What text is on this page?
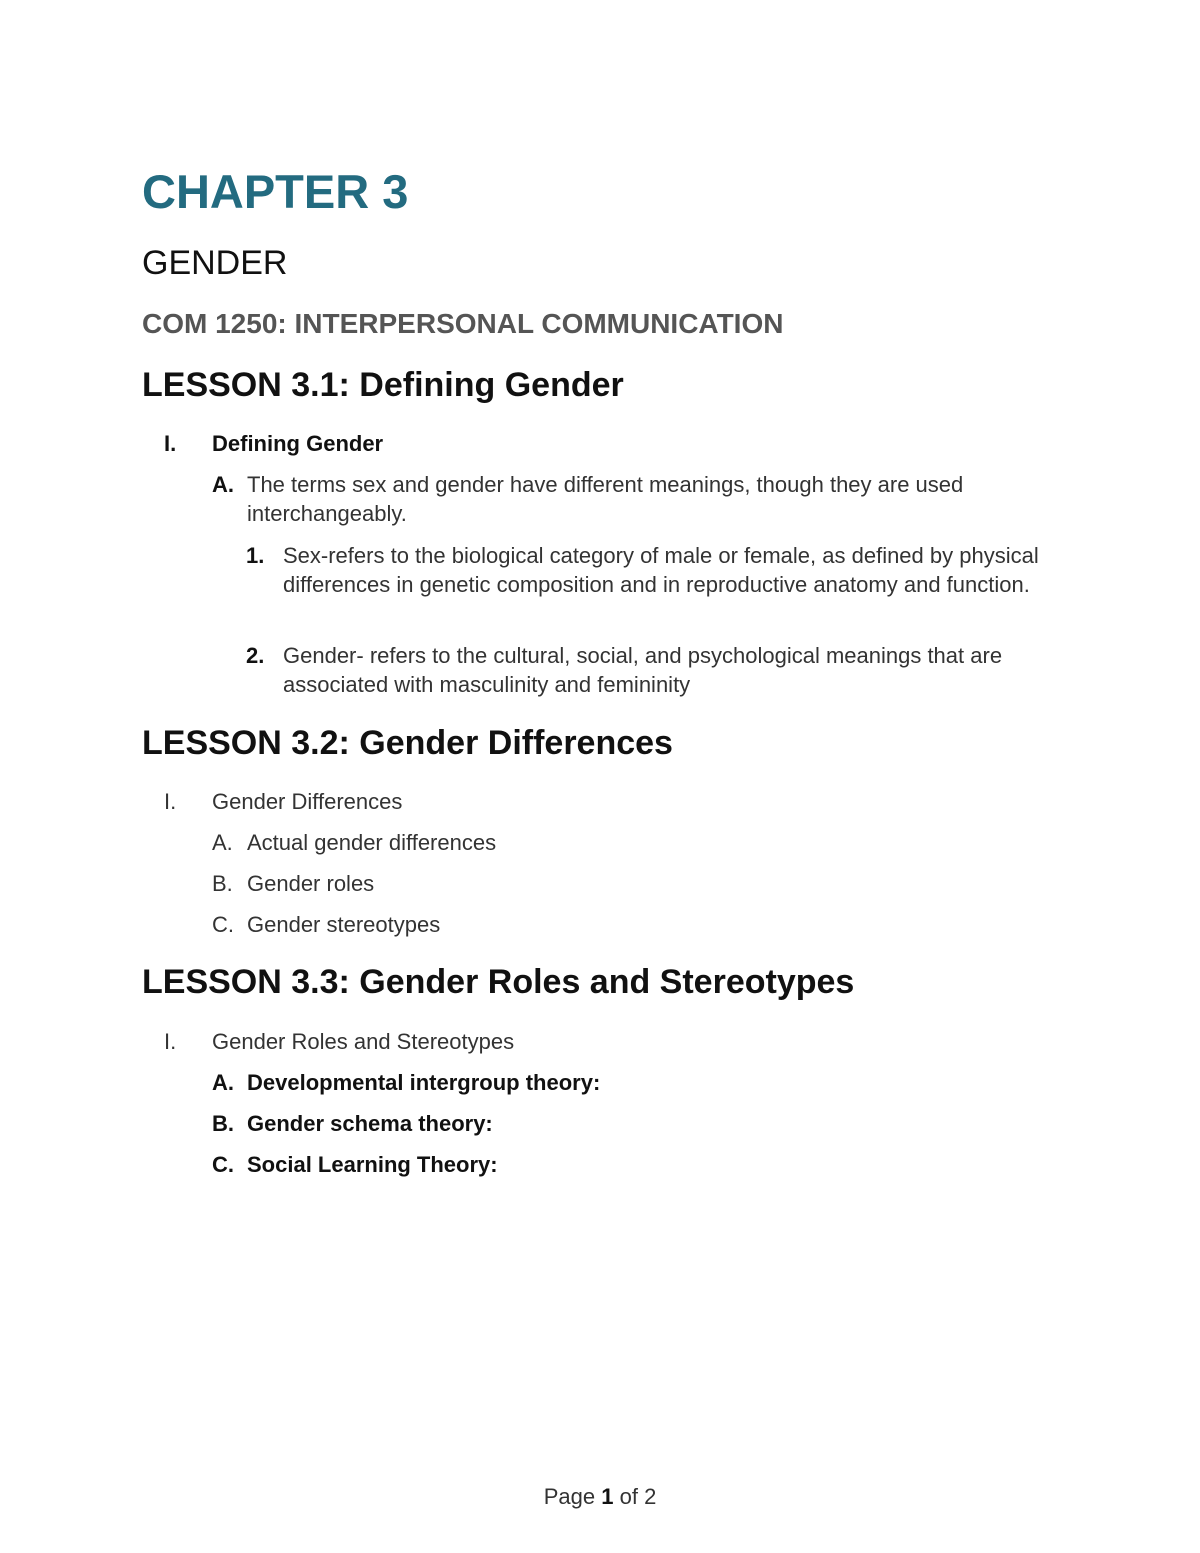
CHAPTER 3
GENDER
COM 1250: INTERPERSONAL COMMUNICATION
LESSON 3.1: Defining Gender
I. Defining Gender
A. The terms sex and gender have different meanings, though they are used interchangeably.
1. Sex-refers to the biological category of male or female, as defined by physical differences in genetic composition and in reproductive anatomy and function.
2. Gender- refers to the cultural, social, and psychological meanings that are associated with masculinity and femininity
LESSON 3.2: Gender Differences
I. Gender Differences
A. Actual gender differences
B. Gender roles
C. Gender stereotypes
LESSON 3.3: Gender Roles and Stereotypes
I. Gender Roles and Stereotypes
A. Developmental intergroup theory:
B. Gender schema theory:
C. Social Learning Theory:
Page 1 of 2
